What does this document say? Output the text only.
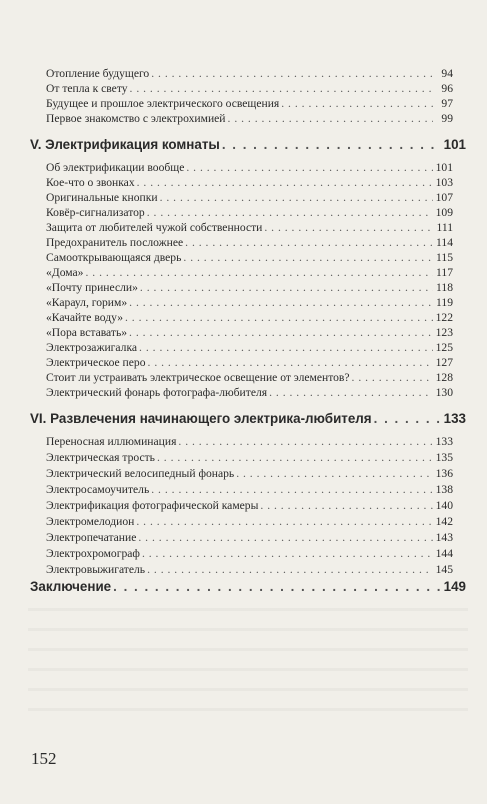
Отопление будущего . . .	94
От тепла к свету . . .	96
Будущее и прошлое электрического освещения . . .	97
Первое знакомство с электрохимией . . .	99
V. Электрификация комнаты . . .	101
Об электрификации вообще . . .	101
Кое-что о звонках . . .	103
Оригинальные кнопки . . .	107
Ковёр-сигнализатор . . .	109
Защита от любителей чужой собственности . . .	111
Предохранитель посложнее . . .	114
Самооткрывающаяся дверь . . .	115
«Дома» . . .	117
«Почту принесли» . . .	118
«Караул, горим» . . .	119
«Качайте воду» . . .	122
«Пора вставать» . . .	123
Электрозажигалка . . .	125
Электрическое перо . . .	127
Стоит ли устраивать электрическое освещение от элементов? . . .	128
Электрический фонарь фотографа-любителя . . .	130
VI. Развлечения начинающего электрика-любителя . . .	133
Переносная иллюминация . . .	133
Электрическая трость . . .	135
Электрический велосипедный фонарь . . .	136
Электросамоучитель . . .	138
Электрификация фотографической камеры . . .	140
Электромелодион . . .	142
Электропечатание . . .	143
Электрохромограф . . .	144
Электровыжигатель . . .	145
Заключение . . .	149
152
